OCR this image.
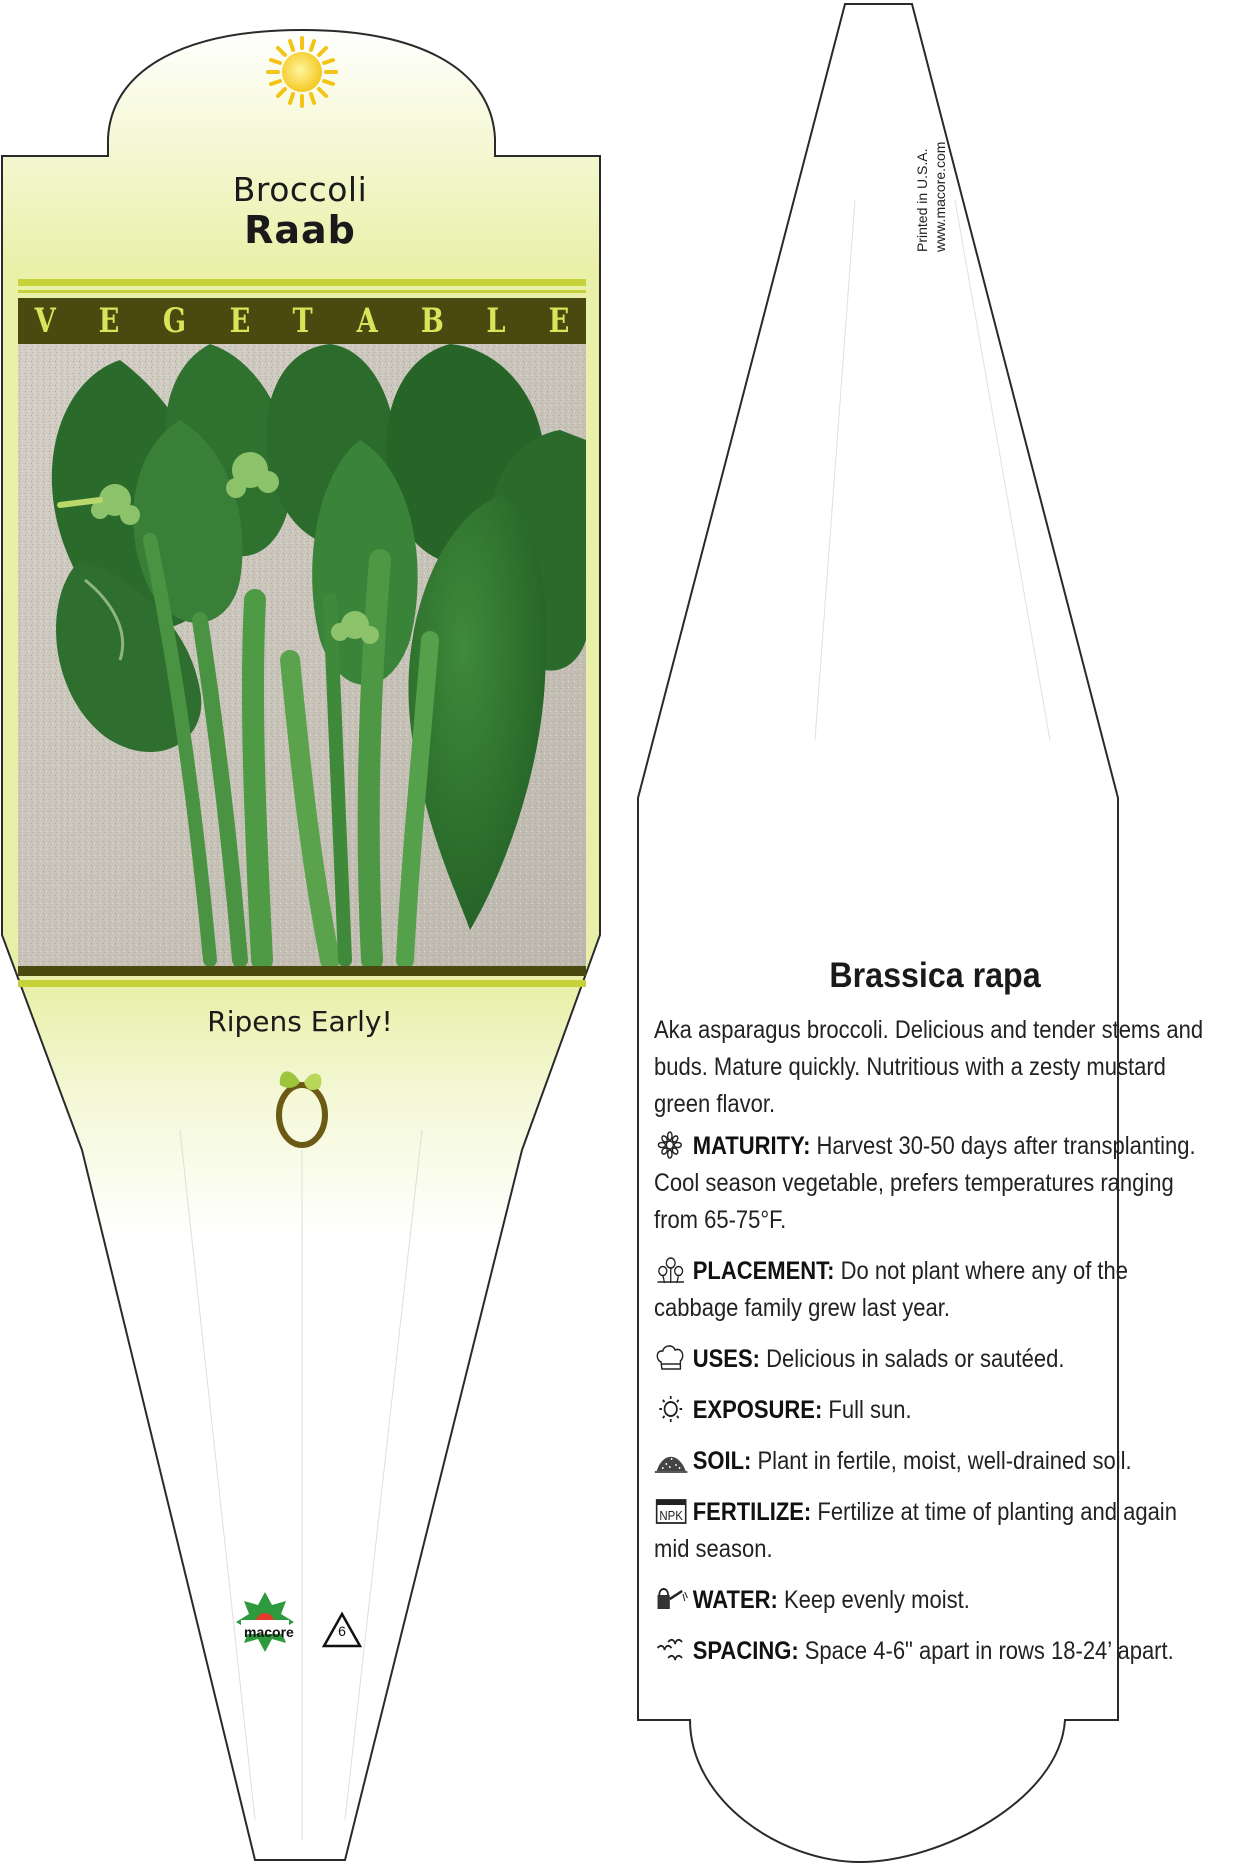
Broccoli
Raab
V E G E T A B L E
Ripens Early!
macore	6
Printed in U.S.A. www.macore.com
Brassica rapa
Aka asparagus broccoli. Delicious and tender stems and buds. Mature quickly. Nutritious with a zesty mustard green flavor.
MATURITY: Harvest 30-50 days after transplanting. Cool season vegetable, prefers temperatures ranging from 65-75°F.
PLACEMENT: Do not plant where any of the cabbage family grew last year.
USES: Delicious in salads or sautéed.
EXPOSURE: Full sun.
SOIL: Plant in fertile, moist, well-drained soil.
NPK FERTILIZE: Fertilize at time of planting and again mid season.
WATER: Keep evenly moist.
SPACING: Space 4-6" apart in rows 18-24’ apart.
